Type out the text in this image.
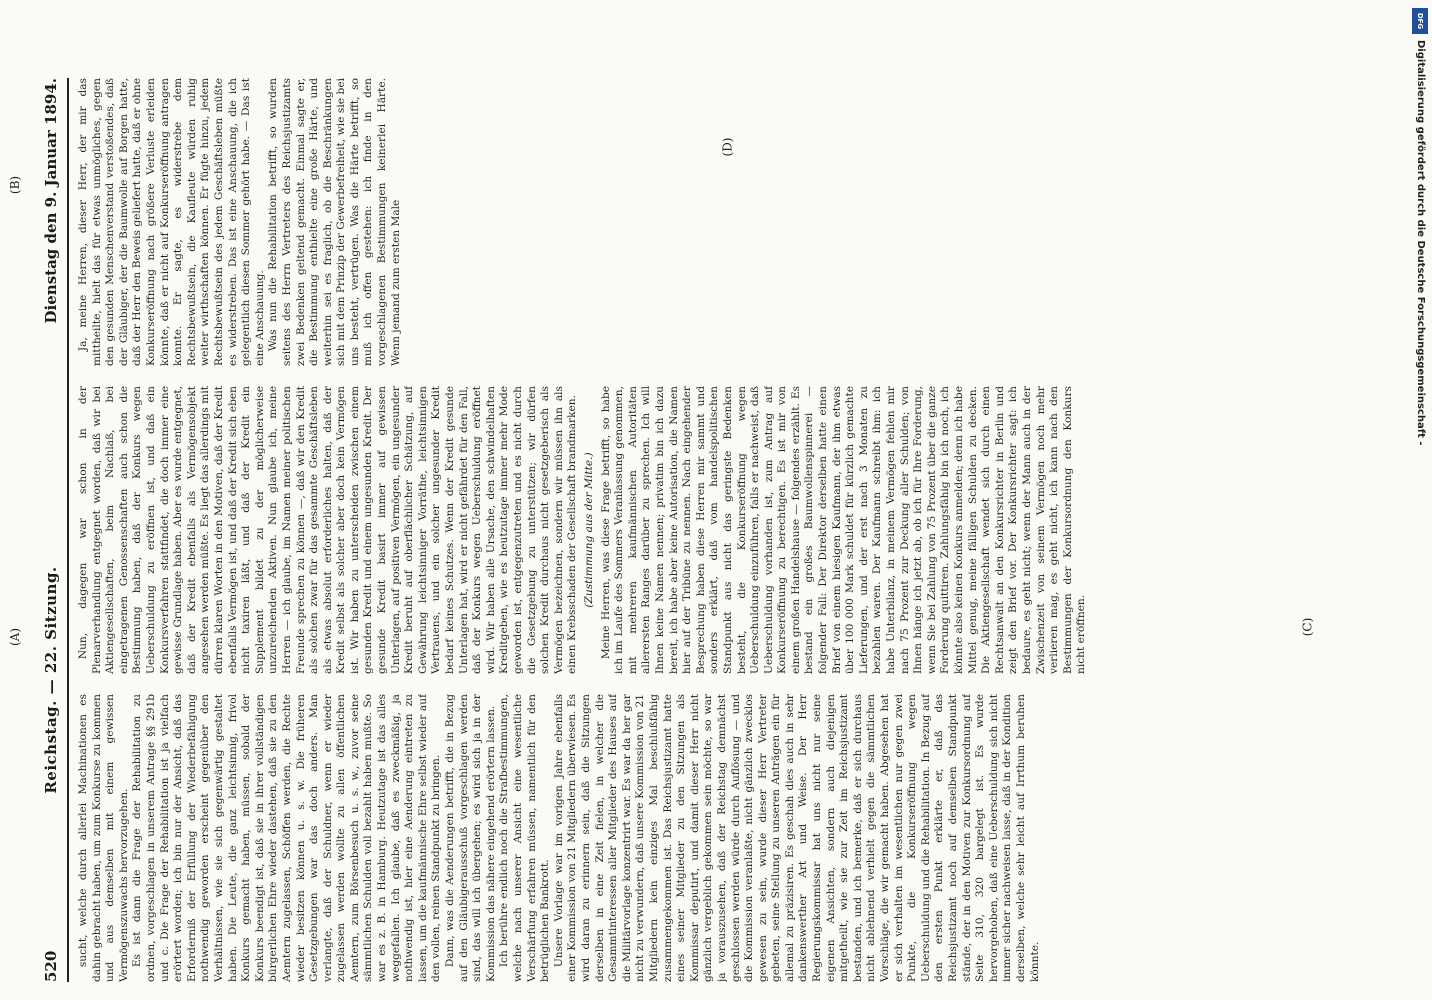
520
Reichstag. — 22. Sitzung.
Dienstag den 9. Januar 1894.

sucht, welche durch allerlei Machinationen es dahin gebracht haben, um zum Konkurse zu kommen und aus demselben mit einem gewissen Vermögenszuwachs hervorzugehen. Es ist dann die Frage der Rehabilitation zu ordnen, vorgeschlagen in unserem Antrage §§ 291b und c. Die Frage der Rehabilitation ist ja vielfach erörtert worden; ich bin nur der Ansicht, daß das Erforderniß der Erfüllung der Wiederbefähigung nothwendig geworden erscheint gegenüber den Verhältnissen, wie sie sich gegenwärtig gestaltet haben. Die Leute, die ganz leichtsinnig, frivol Konkurs gemacht haben, müssen, sobald der Konkurs beendigt ist, daß sie in ihrer vollständigen bürgerlichen Ehre wieder dastehen, daß sie zu den Aemtern zugelassen, Schöffen werden, die Rechte wieder besitzen können u. s. w. Die früheren Gesetzgebungen war das doch anders. Man verlangte, daß der Schuldner, wenn er wieder zugelassen werden wollte zu allen öffentlichen Aemtern, zum Börsenbesuch u. s. w., zuvor seine sämmtlichen Schulden voll bezahlt haben mußte. So war es z. B. in Hamburg. Heutzutage ist das alles weggefallen. Ich glaube, daß es zweckmäßig, ja nothwendig ist, hier eine Aenderung eintreten zu lassen, um die kaufmännische Ehre selbst wieder auf den vollen, reinen Standpunkt zu bringen. Dann, was die Aenderungen betrifft, die in Bezug auf den Gläubigerausschuß vorgeschlagen werden sind, das will ich übergehen; es wird sich ja in der Kommission das nähere eingehend erörtern lassen. Ich berühre endlich noch die Strafbestimmungen, welche nach unserer Ansicht eine wesentliche Verschärfung erfahren müssen, namentlich für den betrüglichen Bankrott. Unsere Vorlage war im vorigen Jahre ebenfalls einer Kommission von 21 Mitgliedern überwiesen. Es wird daran zu erinnern sein, daß die Sitzungen derselben in eine Zeit fielen, in welcher die Gesammtinteressen aller Mitglieder des Hauses auf die Militärvorlage konzentrirt war. Es war da her gar nicht zu verwundern, daß unsere Kommission von 21 Mitgliedern kein einziges Mal beschlußfähig zusammengekommen ist. Das Reichsjustizamt hatte eines seiner Mitglieder zu den Sitzungen als Kommissar deputirt, und damit dieser Herr nicht gänzlich vergeblich gekommen sein möchte, so war ja vorauszusehen, daß der Reichstag demnächst geschlossen werden würde durch Auflösung — und die Kommission veranlaßte, nicht gänzlich zwecklos gewesen zu sein, wurde dieser Herr Vertreter gebeten, seine Stellung zu unseren Anträgen ein für allemal zu präzisiren. Es geschah dies auch in sehr dankenswerther Art und Weise. Der Herr Regierungskommissar hat uns nicht nur seine eigenen Ansichten, sondern auch diejenigen mitgetheilt, wie sie zur Zeit im Reichsjustizamt bestanden, und ich bemerke, daß er sich durchaus nicht ablehnend verhielt gegen die sämmtlichen Vorschläge, die wir gemacht haben. Abgesehen hat er sich verhalten im wesentlichen nur gegen zwei Punkte, die Konkurseröffnung wegen Ueberschuldung und die Rehabilitation. In Bezug auf den ersten Punkt erklärte er, daß das Reichsjustizamt noch auf demselben Standpunkt stände, der in den Motiven zur Konkursordnung auf Seite 310, 320 bargelegt ist. Es wurde hervorgehoben, daß eine Ueberschuldung sich nicht immer sicher nachweisen lasse, daß in der Kondition derselben, welche sehr leicht auf Irrthum beruhen könnte.

Nun, dagegen war schon in der Plenarverhandlung entgegnet worden, daß wir bei Aktiengesellschaften, beim Nachlaß, bei eingetragenen Genossenschaften auch schon die Bestimmung haben, daß der Konkurs wegen Ueberschuldung zu eröffnen ist, und daß ein Konkursverfahren stattfindet, die doch immer eine gewisse Grundlage haben. Aber es wurde entgegnet, daß der Kredit ebenfalls als Vermögensobjekt angesehen werden müßte. Es liegt das allerdings mit dürren klaren Worten in den Motiven, daß der Kredit ebenfalls Vermögen ist, und daß der Kredit sich eben nicht taxiren läßt, und daß der Kredit ein Supplement bildet zu der möglicherweise unzureichenden Aktiven. Nun glaube ich, meine Herren — ich glaube, im Namen meiner politischen Freunde sprechen zu können —, daß wir den Kredit als solchen zwar für das gesammte Geschäftsleben als etwas absolut erforderliches halten, daß der Kredit selbst als solcher aber doch kein Vermögen ist. Wir haben zu unterscheiden zwischen einem gesunden Kredit und einem ungesunden Kredit. Der gesunde Kredit basirt immer auf gewissen Unterlagen, auf positiven Vermögen, ein ungesunder Kredit beruht auf oberflächlicher Schätzung, auf Gewährung leichtsinniger Vorräthe, leichtsinnigen Vertrauens, und ein solcher ungesunder Kredit bedarf keines Schutzes. Wenn der Kredit gesunde Unterlagen hat, wird er nicht gefährdet für den Fall, daß der Konkurs wegen Ueberschuldung eröffnet wird. Wir haben alle Ursache, den schwindelhaften Kreditgeben, wie es heutzutage immer mehr Mode geworden ist, entgegenzutreten und es nicht durch die Gesetzgebung zu unterstützen; wir dürfen solchen Kredit durchaus nicht gesetzgeberisch als Vermögen bezeichnen, sondern wir müssen ihn als einen Krebsschaden der Gesellschaft brandmarken. (Zustimmung aus der Mitte.) Meine Herren, was diese Frage betrifft, so habe ich im Laufe des Sommers Veranlassung genommen, mit mehreren kaufmännischen Autoritäten allerersten Ranges darüber zu sprechen. Ich will Ihnen keine Namen nennen; privatim bin ich dazu bereit, ich habe aber keine Autorisation, die Namen hier auf der Tribüne zu nennen. Nach eingehender Besprechung haben diese Herren mir sammt und sonders erklärt, daß vom handelspolitischen Standpunkt aus nicht das geringste Bedenken besteht, die Konkurseröffnung wegen Ueberschuldung einzuführen, falls er nachweist, daß Ueberschuldung vorhanden ist, zum Antrag auf Konkurseröffnung zu berechtigen. Es ist mir von einem großen Handelshause — folgendes erzählt. Es bestand ein großes Baumwollenspinnerei — folgender Fall: Der Direktor derselben hatte einen Brief von einem hiesigen Kaufmann, der ihm etwas über 100 000 Mark schuldet für kürzlich gemachte Lieferungen, und der erst nach 3 Monaten zu bezahlen waren. Der Kaufmann schreibt ihm: ich habe Unterbilanz, in meinem Vermögen fehlen mir nach 75 Prozent zur Deckung aller Schulden; von Ihnen hänge ich jetzt ab, ob ich für Ihre Forderung, wenn Sie bei Zahlung von 75 Prozent über die ganze Forderung quittiren. Zahlungsfähig bin ich noch, ich könnte also keinen Konkurs anmelden; denn ich habe Mittel genug, meine fälligen Schulden zu decken. Die Aktiengesellschaft wendet sich durch einen Rechtsanwalt an den Konkursrichter in Berlin und zeigt den Brief vor. Der Konkursrichter sagt: ich bedaure, es geht nicht; wenn der Mann auch in der Zwischenzeit von seinem Vermögen noch mehr verlieren mag, es geht nicht, ich kann nach den Bestimmungen der Konkursordnung den Konkurs nicht eröffnen.

Ja, meine Herren, dieser Herr, der mir das mittheilte, hielt das für etwas unmögliches, gegen den gesunden Menschenverstand verstoßendes, daß der Gläubiger, der die Baumwolle auf Borgen hatte, daß der Herr den Beweis geliefert hatte, daß er ohne Konkurseröffnung nach größere Verluste erleiden könnte, daß er nicht auf Konkurseröffnung antragen konnte. Er sagte, es widerstrebe dem Rechtsbewußtsein, die Kaufleute würden ruhig weiter wirthschaften können. Er fügte hinzu, jedem Rechtsbewußtsein des jedem Geschäftsleben müßte es widerstreben. Das ist eine Anschauung, die ich gelegentlich diesen Sommer gehört habe. — Das ist eine Anschauung. Was nun die Rehabilitation betrifft, so wurden seitens des Herrn Vertreters des Reichsjustizamts zwei Bedenken geltend gemacht. Einmal sagte er, die Bestimmung enthielte eine große Härte, und weiterhin sei es fraglich, ob die Beschränkungen sich mit dem Prinzip der Gewerbefreiheit, wie sie bei uns besteht, vertrügen. Was die Härte betrifft, so muß ich offen gestehen: ich finde in den vorgeschlagenen Bestimmungen keinerlei Härte. Wenn jemand zum ersten Male

(A)
(B)
(C)
(D)
DFG
Digitalisierung gefördert durch die Deutsche Forschungsgemeinschaft -
